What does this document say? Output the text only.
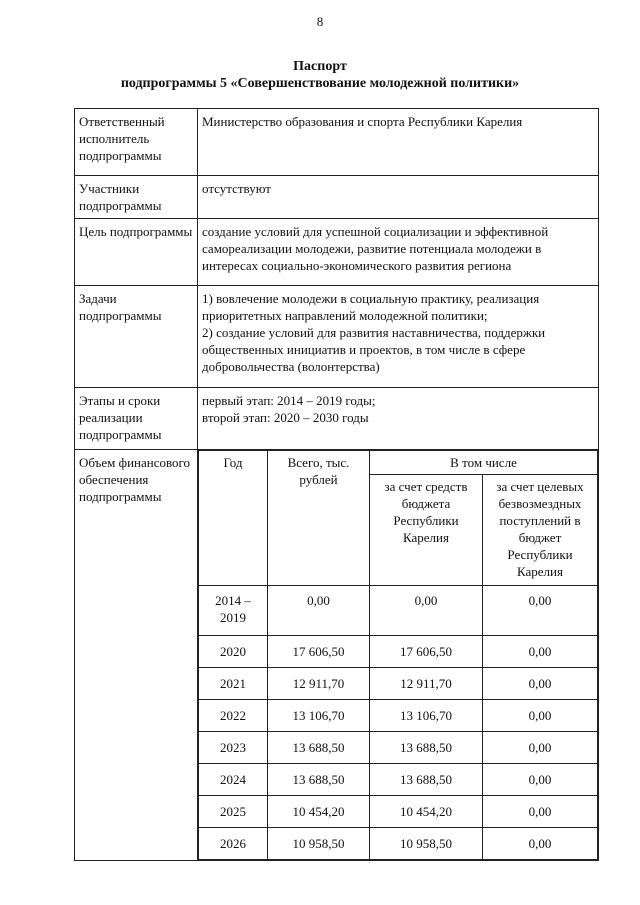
8
Паспорт
подпрограммы 5 «Совершенствование молодежной политики»
Ответственный исполнитель подпрограммы	Министерство образования и спорта Республики Карелия
Участники подпрограммы	отсутствуют
Цель подпрограммы	создание условий для успешной социализации и эффективной самореализации молодежи, развитие потенциала молодежи в интересах социально-экономического развития региона
Задачи подпрограммы	1) вовлечение молодежи в социальную практику, реализация приоритетных направлений молодежной политики;
2) создание условий для развития наставничества, поддержки общественных инициатив и проектов, в том числе в сфере добровольчества (волонтерства)
Этапы и сроки реализации подпрограммы	первый этап: 2014 – 2019 годы;
второй этап: 2020 – 2030 годы
Объем финансового обеспечения подпрограммы	
Год	Всего, тыс. рублей	В том числе
за счет средств бюджета Республики Карелия	за счет целевых безвозмездных поступлений в бюджет Республики Карелия
2014 – 2019	0,00	0,00	0,00
2020	17 606,50	17 606,50	0,00
2021	12 911,70	12 911,70	0,00
2022	13 106,70	13 106,70	0,00
2023	13 688,50	13 688,50	0,00
2024	13 688,50	13 688,50	0,00
2025	10 454,20	10 454,20	0,00
2026	10 958,50	10 958,50	0,00
